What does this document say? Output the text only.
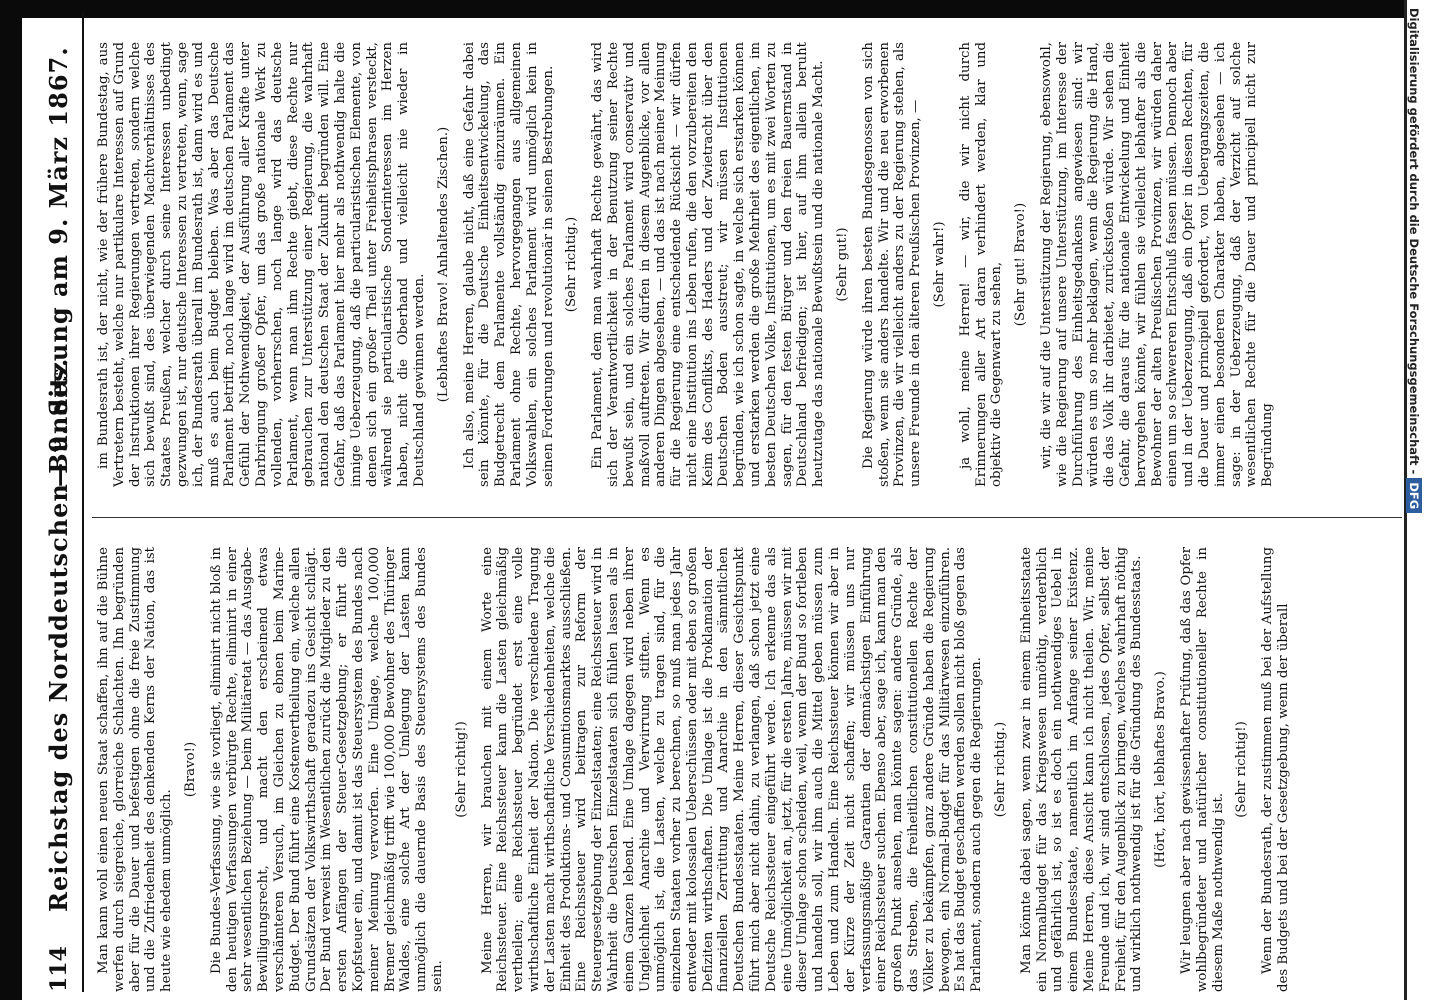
114
Reichstag des Norddeutschen Bundes.
— 9. Sitzung am 9. März 1867.

Man kann wohl einen neuen Staat schaffen, ihn auf die Bühne werfen durch siegreiche, glorreiche Schlachten. Ihn begründen aber für die Dauer und befestigen ohne die freie Zustimmung und die Zufriedenheit des denkenden Kerns der Nation, das ist heute wie ehedem unmöglich.

(Bravo!) Die Bundes-Verfassung, wie sie vorliegt, eliminirt nicht bloß in den heutigen Verfassungen verbürgte Rechte, eliminirt in einer sehr wesentlichen Beziehung — beim Militäretat — das Ausgabe-Bewilligungsrecht, und macht den erscheinend etwas verschämteren Versuch, im Gleichen zu ebnen beim Marine-Budget. Der Bund führt eine Kostenvertheilung ein, welche allen Grundsätzen der Volkswirthschaft geradezu ins Gesicht schlägt. Der Bund verweist im Wesentlichen zurück die Mitglieder zu den ersten Anfängen der Steuer-Gesetzgebung; er führt die Kopfsteuer ein, und damit ist das Steuersystem des Bundes nach meiner Meinung verworfen. Eine Umlage, welche 100,000 Bremer gleichmäßig trifft wie 100,000 Bewohner des Thüringer Waldes, eine solche Art der Umlegung der Lasten kann unmöglich die dauernde Basis des Steuersystems des Bundes sein.

(Sehr richtig!) Meine Herren, wir brauchen mit einem Worte eine Reichssteuer. Eine Reichssteuer kann die Lasten gleichmäßig vertheilen; eine Reichssteuer begründet erst eine volle wirthschaftliche Einheit der Nation. Die verschiedene Tragung der Lasten macht wirthschaftliche Verschiedenheiten, welche die Einheit des Produktions- und Consumtionsmarktes ausschließen. Eine Reichssteuer wird beitragen zur Reform der Steuergesetzgebung der Einzelstaaten; eine Reichssteuer wird in Wahrheit die Deutschen Einzelstaaten sich fühlen lassen als in einem Ganzen lebend. Eine Umlage dagegen wird neben ihrer Ungleichheit Anarchie und Verwirrung stiften. Wenn es unmöglich ist, die Lasten, welche zu tragen sind, für die einzelnen Staaten vorher zu berechnen, so muß man jedes Jahr entweder mit kolossalen Ueberschüssen oder mit eben so großen Defiziten wirthschaften. Die Umlage ist die Proklamation der finanziellen Zerrüttung und Anarchie in den sämmtlichen Deutschen Bundesstaaten. Meine Herren, dieser Gesichtspunkt führt mich aber nicht dahin, zu verlangen, daß schon jetzt eine Deutsche Reichssteuer eingeführt werde. Ich erkenne das als eine Unmöglichkeit an, jetzt, für die ersten Jahre, müssen wir mit dieser Umlage schon scheiden, weil, wenn der Bund so fortleben und handeln soll, wir ihm auch die Mittel geben müssen zum Leben und zum Handeln. Eine Reichssteuer können wir aber in der Kürze der Zeit nicht schaffen; wir müssen uns nur verfassungsmäßige Garantien der demnächstigen Einführung einer Reichssteuer suchen. Ebenso aber, sage ich, kann man den großen Punkt ansehen, man könnte sagen: andere Gründe, als das Streben, die freiheitlichen constitutionellen Rechte der Völker zu bekämpfen, ganz andere Gründe haben die Regierung bewogen, ein Normal-Budget für das Militärwesen einzuführen. Es hat das Budget geschaffen werden sollen nicht bloß gegen das Parlament, sondern auch gegen die Regierungen. (Sehr richtig.) Man könnte dabei sagen, wenn zwar in einem Einheitsstaate ein Normalbudget für das Kriegswesen unnöthig, verderblich und gefährlich ist, so ist es doch ein nothwendiges Uebel in einem Bundesstaate, namentlich im Anfange seiner Existenz. Meine Herren, diese Ansicht kann ich nicht theilen. Wir, meine Freunde und ich, wir sind entschlossen, jedes Opfer, selbst der Freiheit, für den Augenblick zu bringen, welches wahrhaft nöthig und wirklich nothwendig ist für die Gründung des Bundesstaats. (Hört, hört, lebhaftes Bravo.) Wir leugnen aber nach gewissenhafter Prüfung, daß das Opfer wohlbegründeter und natürlicher constitutioneller Rechte in diesem Maße nothwendig ist.

(Sehr richtig!) Wenn der Bundesrath, der zustimmen muß bei der Aufstellung des Budgets und bei der Gesetzgebung, wenn der überall

im Bundesrath ist, der nicht, wie der frühere Bundestag, aus Vertretern besteht, welche nur partikulare Interessen auf Grund der Instruktionen ihrer Regierungen vertreten, sondern welche sich bewußt sind, des überwiegenden Machtverhältnisses des Staates Preußen, welcher durch seine Interessen unbedingt gezwungen ist, nur deutsche Interessen zu vertreten, wenn, sage ich, der Bundesrath überall im Bundesrath ist, dann wird es und muß es auch beim Budget bleiben. Was aber das Deutsche Parlament betrifft, noch lange wird im deutschen Parlament das Gefühl der Nothwendigkeit, der Ausführung aller Kräfte unter Darbringung großer Opfer, um das große nationale Werk zu vollenden, vorherrschen, noch lange wird das deutsche Parlament, wenn man ihm Rechte giebt, diese Rechte nur gebrauchen zur Unterstützung einer Regierung, die wahrhaft national den deutschen Staat der Zukunft begründen will. Eine Gefahr, daß das Parlament hier mehr als nothwendig halte die innige Ueberzeugung, daß die particularistischen Elemente, von denen sich ein großer Theil unter Freiheitsphrasen versteckt, während sie particularistische Sonderinteressen im Herzen haben, nicht die Oberhand und vielleicht nie wieder in Deutschland gewinnen werden. (Lebhaftes Bravo! Anhaltendes Zischen.) Ich also, meine Herren, glaube nicht, daß eine Gefahr dabei sein könnte, für die Deutsche Einheitsentwickelung, das Budgetrecht dem Parlamente vollständig einzuräumen. Ein Parlament ohne Rechte, hervorgegangen aus allgemeinen Volkswahlen, ein solches Parlament wird unmöglich kein in seinen Forderungen und revolutionär in seinen Bestrebungen. (Sehr richtig.) Ein Parlament, dem man wahrhaft Rechte gewährt, das wird sich der Verantwortlichkeit in der Benutzung seiner Rechte bewußt sein, und ein solches Parlament wird conservativ und maßvoll auftreten. Wir dürfen in diesem Augenblicke, vor allen anderen Dingen abgesehen, — und das ist nach meiner Meinung für die Regierung eine entscheidende Rücksicht — wir dürfen nicht eine Institution ins Leben rufen, die den vorzubereiten den Keim des Conflikts, des Haders und der Zwietracht über den Deutschen Boden ausstreut; wir müssen Institutionen begründen, wie ich schon sagte, in welche sich erstarken können und erstarken werden die große Mehrheit des eigentlichen, im besten Deutschen Volke, Institutionen, um es mit zwei Worten zu sagen, für den festen Bürger und den freien Bauernstand in Deutschland befriedigen; ist hier, auf ihm allein beruht heutzutage das nationale Bewußtsein und die nationale Macht. (Sehr gut!) Die Regierung würde ihren besten Bundesgenossen von sich stoßen, wenn sie anders handelte. Wir und die neu erworbenen Provinzen, die wir vielleicht anders zu der Regierung stehen, als unsere Freunde in den älteren Preußischen Provinzen, — (Sehr wahr!) ja wohl, meine Herren! — wir, die wir nicht durch Erinnerungen aller Art daran verhindert werden, klar und objektiv die Gegenwart zu sehen, (Sehr gut! Bravo!) wir, die wir auf die Unterstützung der Regierung, ebensowohl, wie die Regierung auf unsere Unterstützung, im Interesse der Durchführung des Einheitsgedankens angewiesen sind: wir würden es um so mehr beklagen, wenn die Regierung die Hand, die das Volk ihr darbietet, zurückstoßen würde. Wir sehen die Gefahr, die daraus für die nationale Entwickelung und Einheit hervorgehen könnte, wir fühlen sie vielleicht lebhafter als die Bewohner der alten Preußischen Provinzen, wir würden daher einen um so schwereren Entschluß fassen müssen. Dennoch aber und in der Ueberzeugung, daß ein Opfer in diesen Rechten, für die Dauer und principiell gefordert, von Uebergangszeiten, die immer einen besonderen Charakter haben, abgesehen — ich sage: in der Ueberzeugung, daß der Verzicht auf solche wesentlichen Rechte für die Dauer und principiell nicht zur Begründung	Digitalisierung gefördert durch die Deutsche Forschungsgemeinschaft -DFG
